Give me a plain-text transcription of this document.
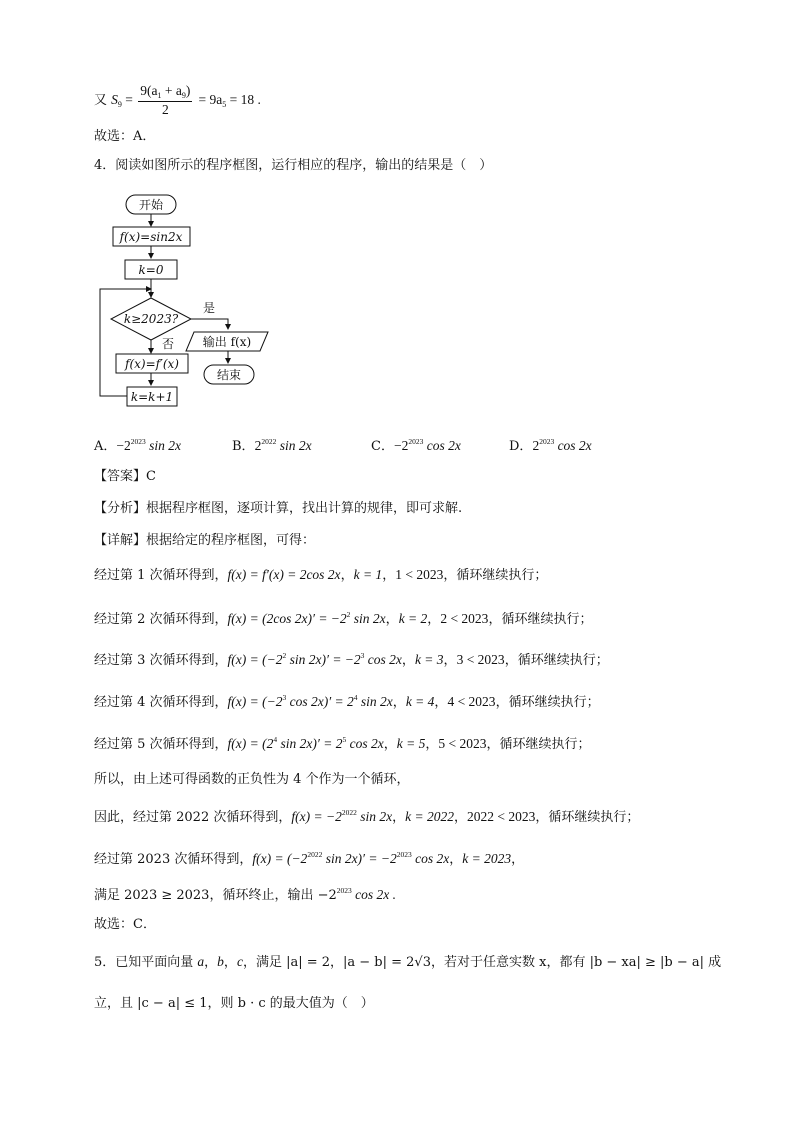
又 $S_9 = \frac{9(a_1 + a_9)}{2} = 9a_5 = 18$ .
故选：A．
4．阅读如图所示的程序框图，运行相应的程序，输出的结果是（　）
开始
f(x)=sin2x
k=0
k≥2023?
是
否 输出 f(x)
结束
f(x)=f′(x)
k=k+1
A．$-2^{2023}$ sin 2x	B．$2^{2022}$ sin 2x	C．$-2^{2023}$ cos 2x	D．$2^{2023}$ cos 2x
【答案】C
【分析】根据程序框图，逐项计算，找出计算的规律，即可求解.
【详解】根据给定的程序框图，可得：
经过第 1 次循环得到，f(x) = f′(x) = 2cos 2x，k = 1，1 < 2023，循环继续执行；
经过第 2 次循环得到，f(x) = (2cos $2x)' = -2^2$ sin 2x，k = 2，2 < 2023，循环继续执行；
经过第 3 次循环得到，$f(x) = (-2^2$ $\sin 2x)' = -2^3$ cos 2x，k = 3，3 < 2023，循环继续执行；
经过第 4 次循环得到，$f(x) = (-2^3$ $\cos 2x)' = 2^4$ sin 2x，k = 4，4 < 2023，循环继续执行；
经过第 5 次循环得到，$f(x) = (2^4$ $\sin 2x)' = 2^5$ cos 2x，k = 5，5 < 2023，循环继续执行；
所以，由上述可得函数的正负性为 4 个作为一个循环，
因此，经过第 2022 次循环得到，$f(x) = -2^{2022}$ sin 2x，k = 2022，2022 < 2023，循环继续执行；
经过第 2023 次循环得到，$f(x) = (-2^{2022}$ $\sin 2x)' = -2^{2023}$ cos 2x，k = 2023，
满足 2023 ≥ 2023，循环终止，输出 $-2^{2023}$ cos 2x .
故选：C．
5．已知平面向量 a，b，c，满足 |a| = 2，|a − b| = 2√3，若对于任意实数 x，都有 |b − xa| ≥ |b − a| 成
立，且 |c − a| ≤ 1，则 b · c 的最大值为（　）
